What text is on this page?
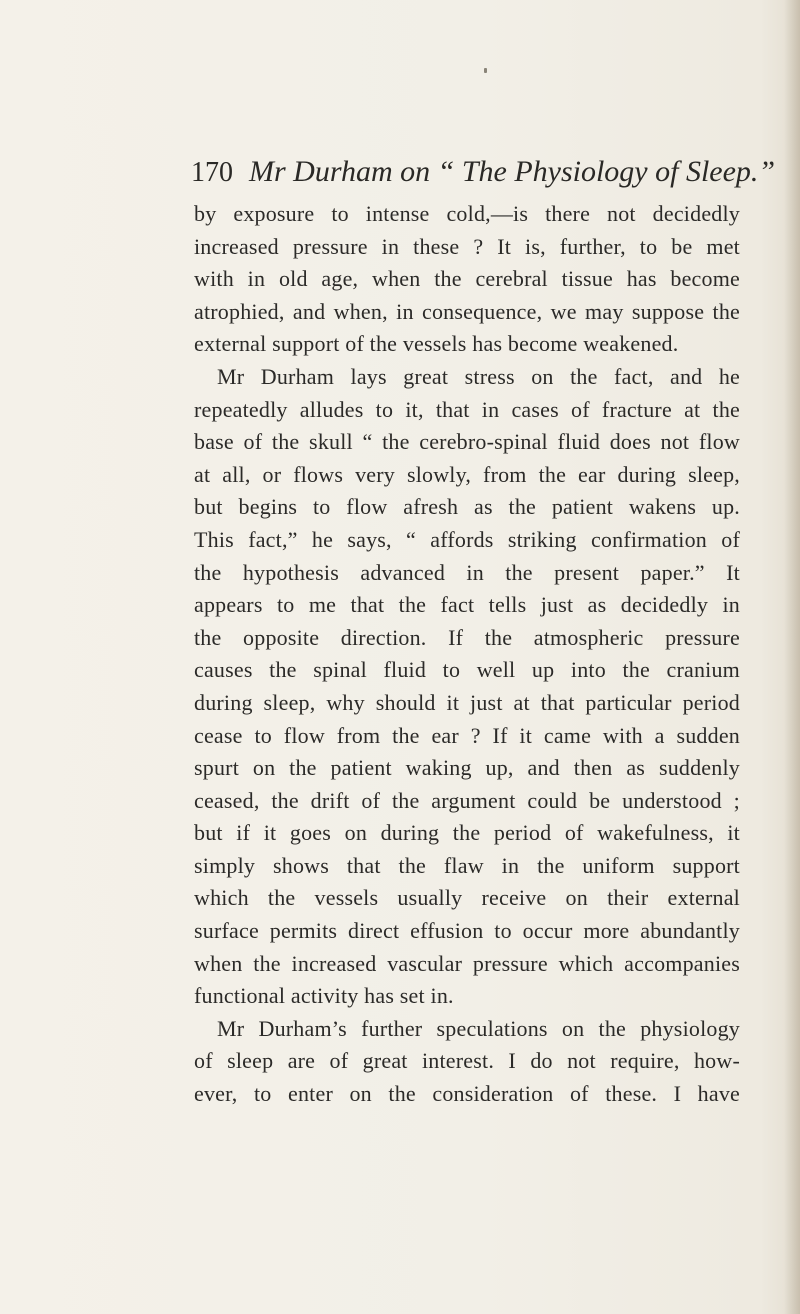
170 Mr Durham on “ The Physiology of Sleep.”
by exposure to intense cold,—is there not decidedly
increased pressure in these ? It is, further, to be met
with in old age, when the cerebral tissue has become
atrophied, and when, in consequence, we may suppose the
external support of the vessels has become weakened.
Mr Durham lays great stress on the fact, and he
repeatedly alludes to it, that in cases of fracture at the
base of the skull “ the cerebro-spinal fluid does not flow
at all, or flows very slowly, from the ear during sleep,
but begins to flow afresh as the patient wakens up.
This fact,” he says, “ affords striking confirmation of
the hypothesis advanced in the present paper.” It
appears to me that the fact tells just as decidedly in
the opposite direction. If the atmospheric pressure
causes the spinal fluid to well up into the cranium
during sleep, why should it just at that particular period
cease to flow from the ear ? If it came with a sudden
spurt on the patient waking up, and then as suddenly
ceased, the drift of the argument could be understood ;
but if it goes on during the period of wakefulness, it
simply shows that the flaw in the uniform support
which the vessels usually receive on their external
surface permits direct effusion to occur more abundantly
when the increased vascular pressure which accompanies
functional activity has set in.
Mr Durham’s further speculations on the physiology
of sleep are of great interest. I do not require, how-
ever, to enter on the consideration of these. I have
